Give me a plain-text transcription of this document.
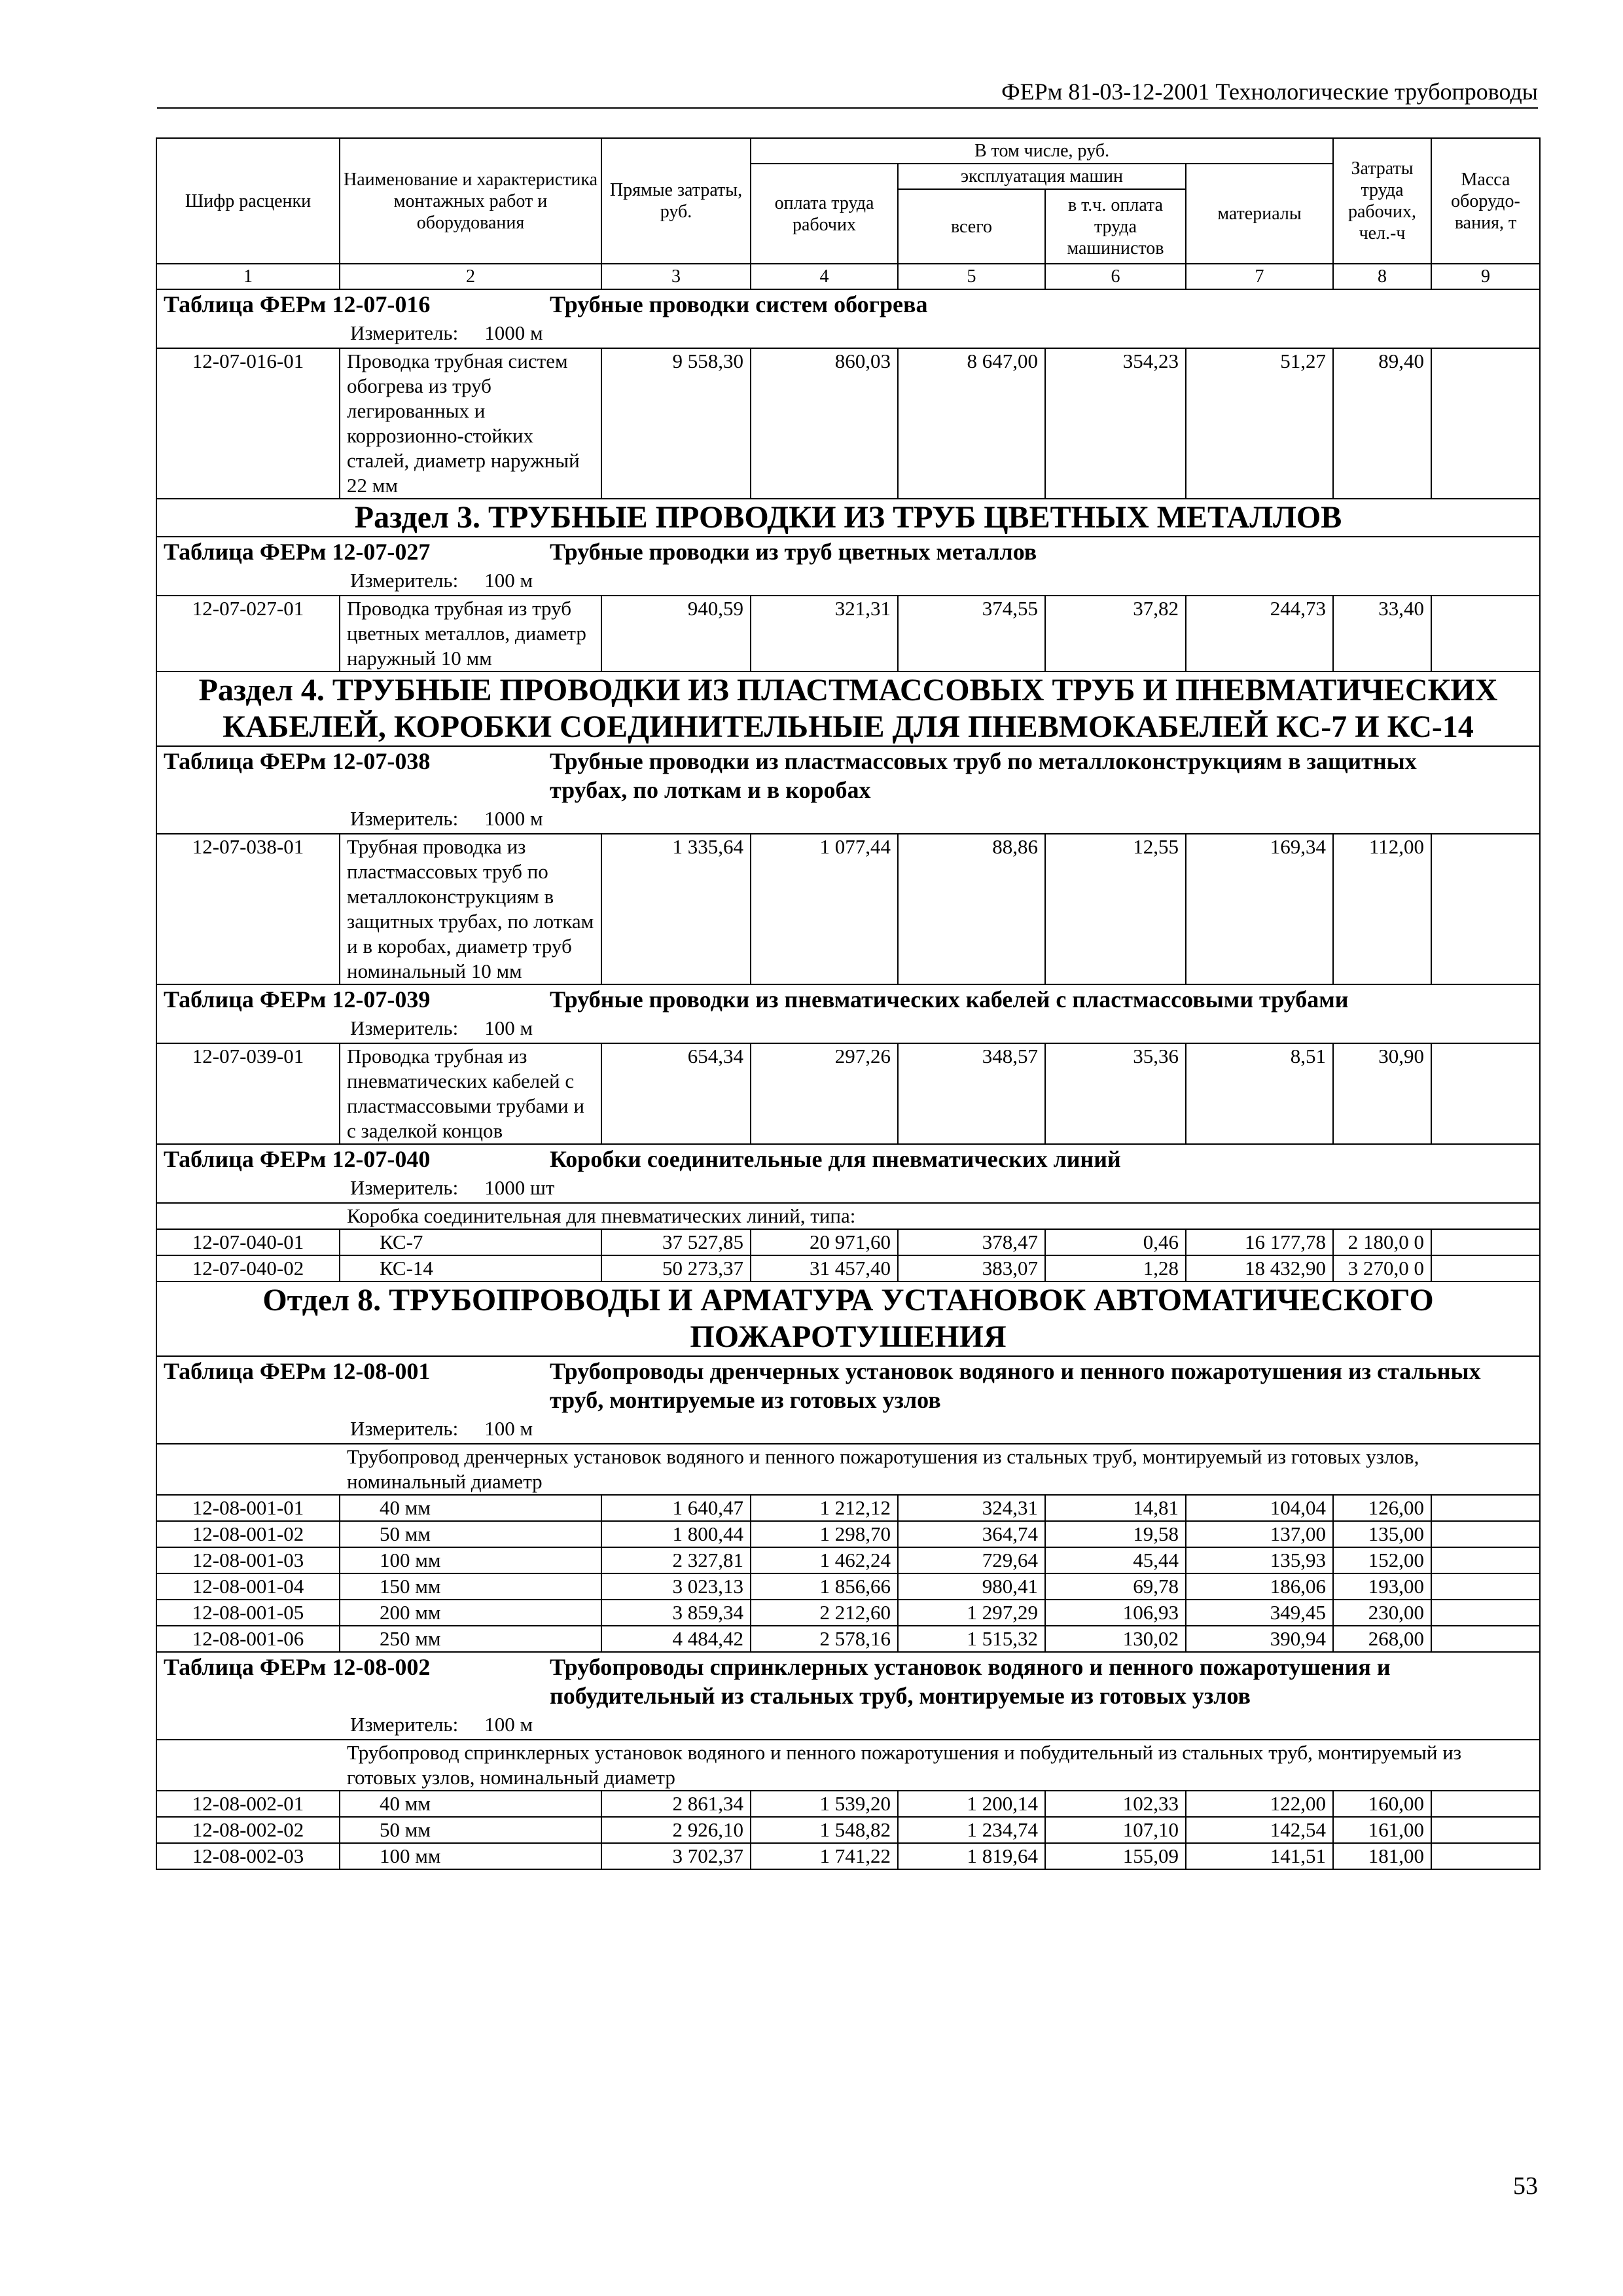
ФЕРм 81-03-12-2001 Технологические трубопроводы
Шифр расценки	Наименование и характеристика монтажных работ и оборудования	Прямые затраты, руб.	В том числе, руб.				Затраты труда рабочих, чел.-ч	Масса оборудо-вания, т
			оплата труда рабочих	эксплуатация машин		материалы		
				всего	в т.ч. оплата труда машинистов			
1	2	3	4	5	6	7	8	9
Таблица ФЕРм 12-07-016 Трубные проводки систем обогрева
Измеритель: 1000 м								

12-07-016-01	Проводка трубная систем обогрева из труб легированных и коррозионно-стойких сталей, диаметр наружный 22 мм	9 558,30	860,03	8 647,00	354,23	51,27	89,40	
Раздел 3. ТРУБНЫЕ ПРОВОДКИ ИЗ ТРУБ ЦВЕТНЫХ МЕТАЛЛОВ								
Таблица ФЕРм 12-07-027 Трубные проводки из труб цветных металлов
Измеритель: 100 м								

12-07-027-01	Проводка трубная из труб цветных металлов, диаметр наружный 10 мм	940,59	321,31	374,55	37,82	244,73	33,40	
Раздел 4. ТРУБНЫЕ ПРОВОДКИ ИЗ ПЛАСТМАССОВЫХ ТРУБ И ПНЕВМАТИЧЕСКИХ КАБЕЛЕЙ, КОРОБКИ СОЕДИНИТЕЛЬНЫЕ ДЛЯ ПНЕВМОКАБЕЛЕЙ КС-7 И КС-14								
Таблица ФЕРм 12-07-038 Трубные проводки из пластмассовых труб по металлоконструкциям в защитных трубах, по лоткам и в коробах
Измеритель: 1000 м								

12-07-038-01	Трубная проводка из пластмассовых труб по металлоконструкциям в защитных трубах, по лоткам и в коробах, диаметр труб номинальный 10 мм	1 335,64	1 077,44	88,86	12,55	169,34	112,00	
Таблица ФЕРм 12-07-039 Трубные проводки из пневматических кабелей с пластмассовыми трубами
Измеритель: 100 м								

12-07-039-01	Проводка трубная из пневматических кабелей с пластмассовыми трубами и с заделкой концов	654,34	297,26	348,57	35,36	8,51	30,90	
Таблица ФЕРм 12-07-040 Коробки соединительные для пневматических линий
Измеритель: 1000 шт								

Коробка соединительная для пневматических линий, типа:								
12-07-040-01	КС-7	37 527,85	20 971,60	378,47	0,46	16 177,78	2 180,0 0	
12-07-040-02	КС-14	50 273,37	31 457,40	383,07	1,28	18 432,90	3 270,0 0	
Отдел 8. ТРУБОПРОВОДЫ И АРМАТУРА УСТАНОВОК АВТОМАТИЧЕСКОГО ПОЖАРОТУШЕНИЯ								
Таблица ФЕРм 12-08-001 Трубопроводы дренчерных установок водяного и пенного пожаротушения из стальных труб, монтируемые из готовых узлов
Измеритель: 100 м								

Трубопровод дренчерных установок водяного и пенного пожаротушения из стальных труб, монтируемый из готовых узлов, номинальный диаметр								
12-08-001-01	40 мм	1 640,47	1 212,12	324,31	14,81	104,04	126,00	
12-08-001-02	50 мм	1 800,44	1 298,70	364,74	19,58	137,00	135,00	
12-08-001-03	100 мм	2 327,81	1 462,24	729,64	45,44	135,93	152,00	
12-08-001-04	150 мм	3 023,13	1 856,66	980,41	69,78	186,06	193,00	
12-08-001-05	200 мм	3 859,34	2 212,60	1 297,29	106,93	349,45	230,00	
12-08-001-06	250 мм	4 484,42	2 578,16	1 515,32	130,02	390,94	268,00	
Таблица ФЕРм 12-08-002 Трубопроводы спринклерных установок водяного и пенного пожаротушения и побудительный из стальных труб, монтируемые из готовых узлов
Измеритель: 100 м								

Трубопровод спринклерных установок водяного и пенного пожаротушения и побудительный из стальных труб, монтируемый из готовых узлов, номинальный диаметр								
12-08-002-01	40 мм	2 861,34	1 539,20	1 200,14	102,33	122,00	160,00	
12-08-002-02	50 мм	2 926,10	1 548,82	1 234,74	107,10	142,54	161,00	
12-08-002-03	100 мм	3 702,37	1 741,22	1 819,64	155,09	141,51	181,00	
53
